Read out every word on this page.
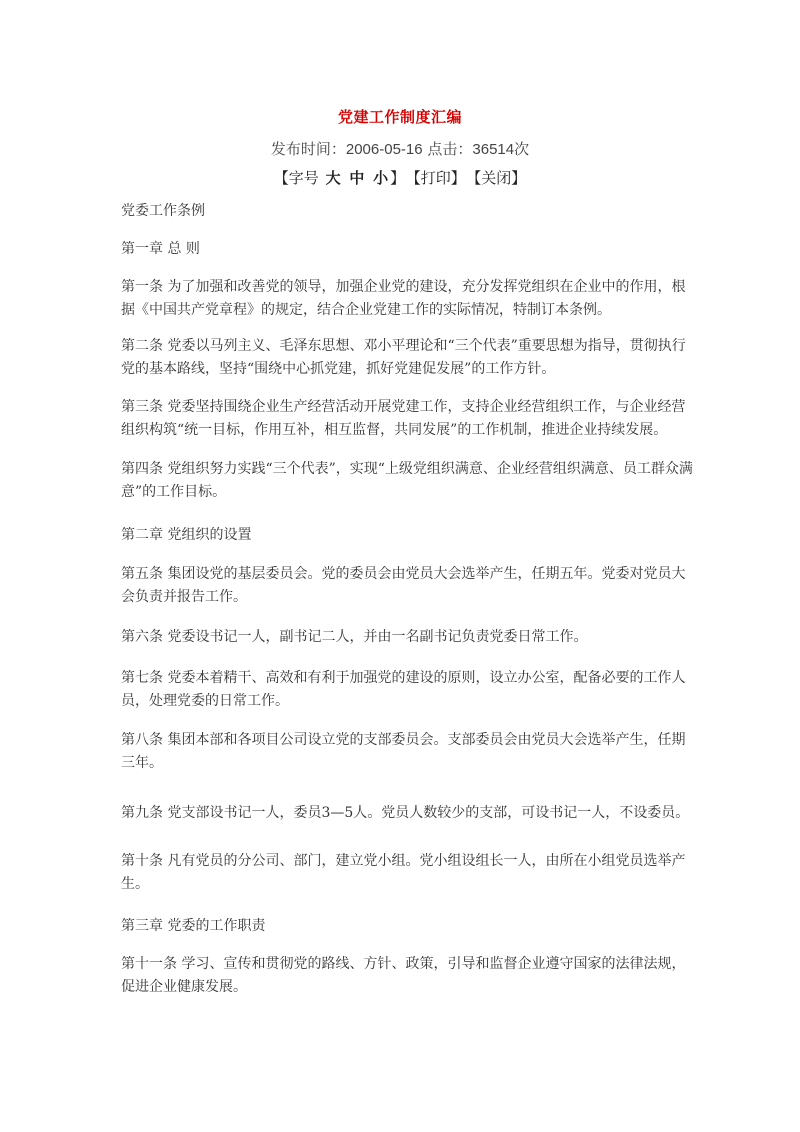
党建工作制度汇编
发布时间：2006-05-16 点击：36514次
【字号 大 中 小 】 【打印】 【关闭】

党委工作条例

第一章 总 则

第一条 为了加强和改善党的领导，加强企业党的建设，充分发挥党组织在企业中的作用，根据《中国共产党章程》的规定，结合企业党建工作的实际情况，特制订本条例。

第二条 党委以马列主义、毛泽东思想、邓小平理论和“三个代表”重要思想为指导，贯彻执行党的基本路线，坚持“围绕中心抓党建，抓好党建促发展”的工作方针。

第三条 党委坚持围绕企业生产经营活动开展党建工作，支持企业经营组织工作，与企业经营组织构筑“统一目标，作用互补，相互监督，共同发展”的工作机制，推进企业持续发展。

第四条 党组织努力实践“三个代表”，实现“上级党组织满意、企业经营组织满意、员工群众满意”的工作目标。

第二章 党组织的设置

第五条 集团设党的基层委员会。党的委员会由党员大会选举产生，任期五年。党委对党员大会负责并报告工作。

第六条 党委设书记一人，副书记二人，并由一名副书记负责党委日常工作。

第七条 党委本着精干、高效和有利于加强党的建设的原则，设立办公室，配备必要的工作人员，处理党委的日常工作。

第八条 集团本部和各项目公司设立党的支部委员会。支部委员会由党员大会选举产生，任期三年。

第九条 党支部设书记一人，委员3—5人。党员人数较少的支部，可设书记一人，不设委员。

第十条 凡有党员的分公司、部门，建立党小组。党小组设组长一人，由所在小组党员选举产生。

第三章 党委的工作职责

第十一条 学习、宣传和贯彻党的路线、方针、政策，引导和监督企业遵守国家的法律法规，促进企业健康发展。
